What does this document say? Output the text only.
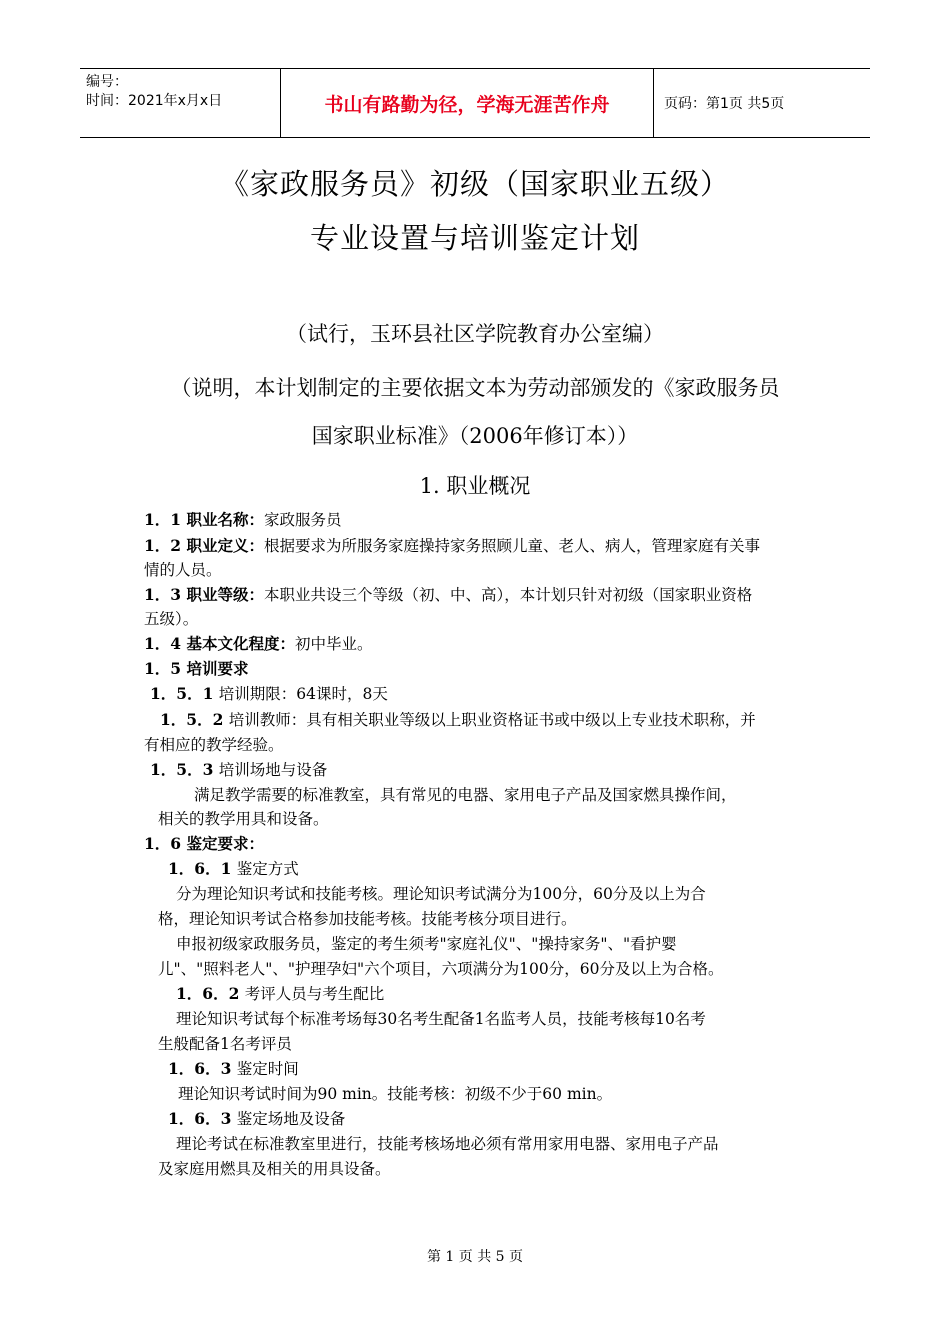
编号：
时间：2021年x月x日	书山有路勤为径，学海无涯苦作舟	页码：第1页 共5页
《家政服务员》初级（国家职业五级）
专业设置与培训鉴定计划
（试行，玉环县社区学院教育办公室编）
（说明，本计划制定的主要依据文本为劳动部颁发的《家政服务员
国家职业标准》（2006年修订本））
1. 职业概况
1．1 职业名称：家政服务员
1．2 职业定义：根据要求为所服务家庭操持家务照顾儿童、老人、病人，管理家庭有关事
情的人员。
1．3 职业等级：本职业共设三个等级（初、中、高），本计划只针对初级（国家职业资格
五级）。
1．4 基本文化程度：初中毕业。
1．5 培训要求
1．5．1 培训期限：64课时，8天
1．5．2 培训教师：具有相关职业等级以上职业资格证书或中级以上专业技术职称，并
有相应的教学经验。
1．5．3 培训场地与设备
满足教学需要的标准教室，具有常见的电器、家用电子产品及国家燃具操作间，
相关的教学用具和设备。
1．6 鉴定要求：
1．6．1 鉴定方式
分为理论知识考试和技能考核。理论知识考试满分为100分，60分及以上为合
格，理论知识考试合格参加技能考核。技能考核分项目进行。
申报初级家政服务员，鉴定的考生须考"家庭礼仪"、"操持家务"、"看护婴
儿"、"照料老人"、"护理孕妇"六个项目，六项满分为100分，60分及以上为合格。
1．6．2 考评人员与考生配比
理论知识考试每个标准考场每30名考生配备1名监考人员，技能考核每10名考
生般配备1名考评员
1．6．3 鉴定时间
理论知识考试时间为90 min。技能考核：初级不少于60 min。
1．6．3 鉴定场地及设备
理论考试在标准教室里进行，技能考核场地必须有常用家用电器、家用电子产品
及家庭用燃具及相关的用具设备。
第 1 页 共 5 页
